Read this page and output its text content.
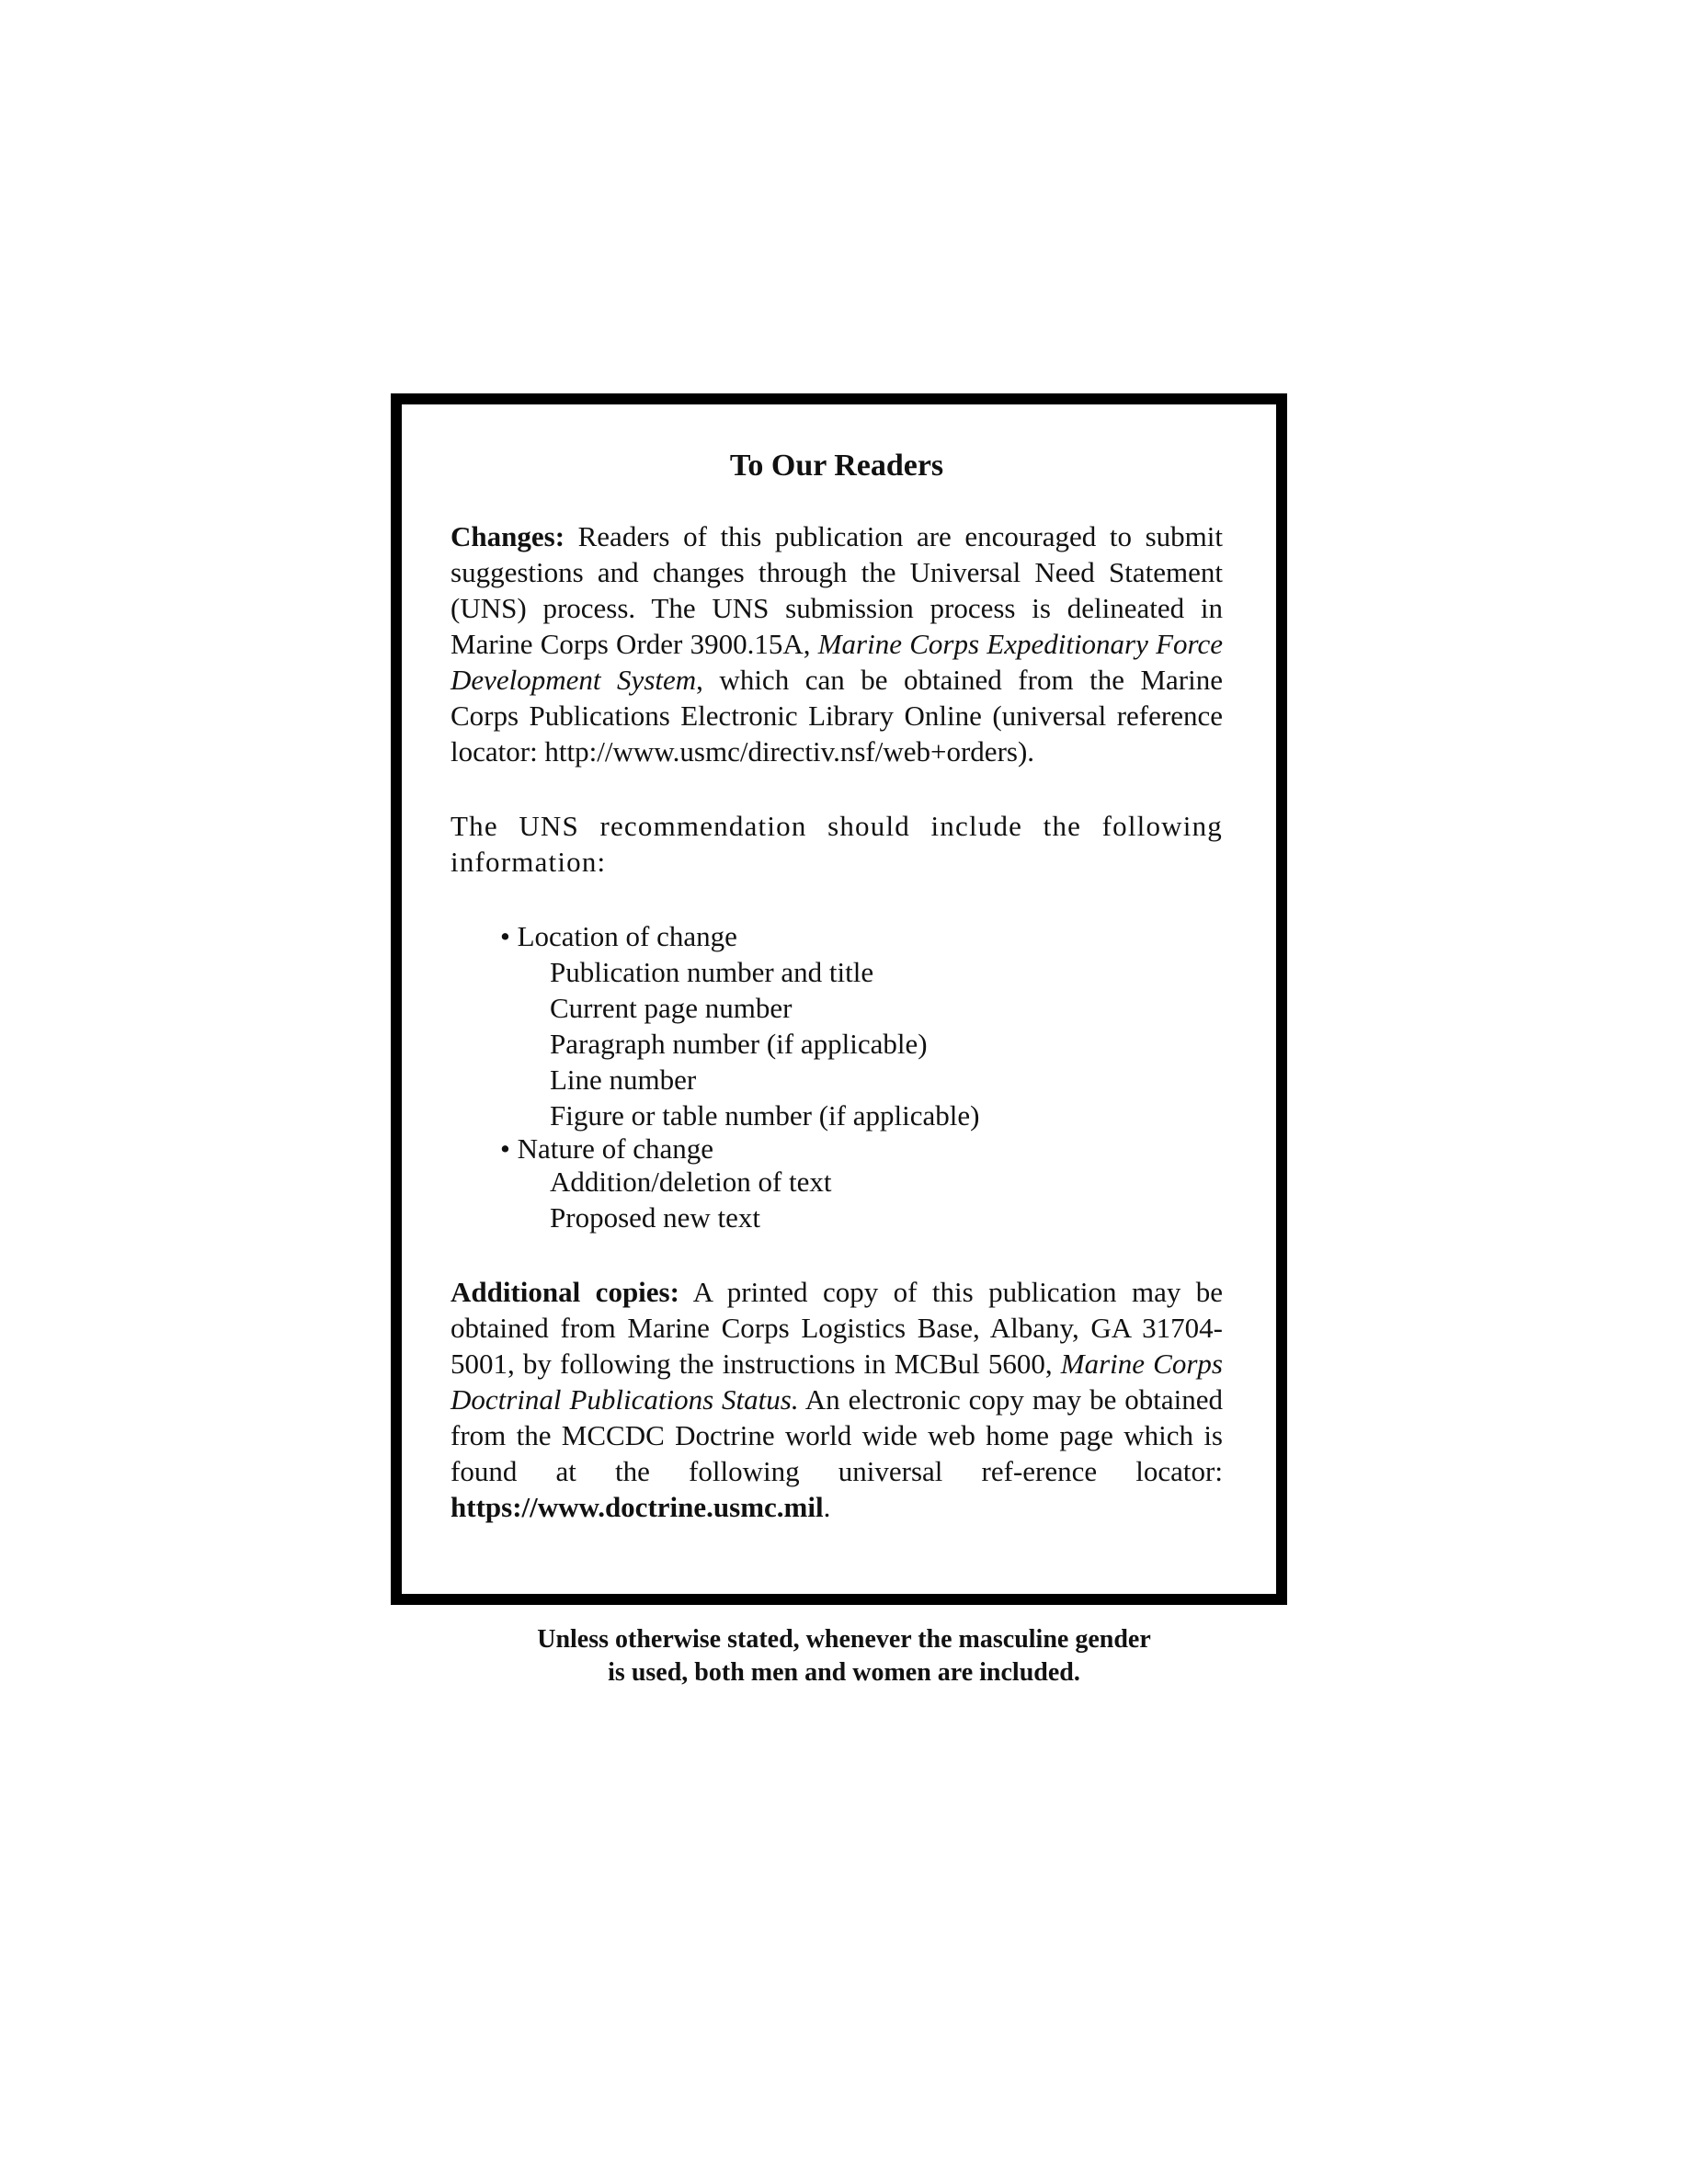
To Our Readers

Changes: Readers of this publication are encouraged to submit suggestions and changes through the Universal Need Statement (UNS) process. The UNS submission process is delineated in Marine Corps Order 3900.15A, Marine Corps Expeditionary Force Development System, which can be obtained from the Marine Corps Publications Electronic Library Online (universal reference locator: http://www.usmc/directiv.nsf/web+orders).

The UNS recommendation should include the following information:

• Location of change
Publication number and title
Current page number
Paragraph number (if applicable)
Line number
Figure or table number (if applicable)
• Nature of change
Addition/deletion of text
Proposed new text

Additional copies: A printed copy of this publication may be obtained from Marine Corps Logistics Base, Albany, GA 31704-5001, by following the instructions in MCBul 5600, Marine Corps Doctrinal Publications Status. An electronic copy may be obtained from the MCCDC Doctrine world wide web home page which is found at the following universal ref-erence locator: https://www.doctrine.usmc.mil.

Unless otherwise stated, whenever the masculine gender
is used, both men and women are included.
